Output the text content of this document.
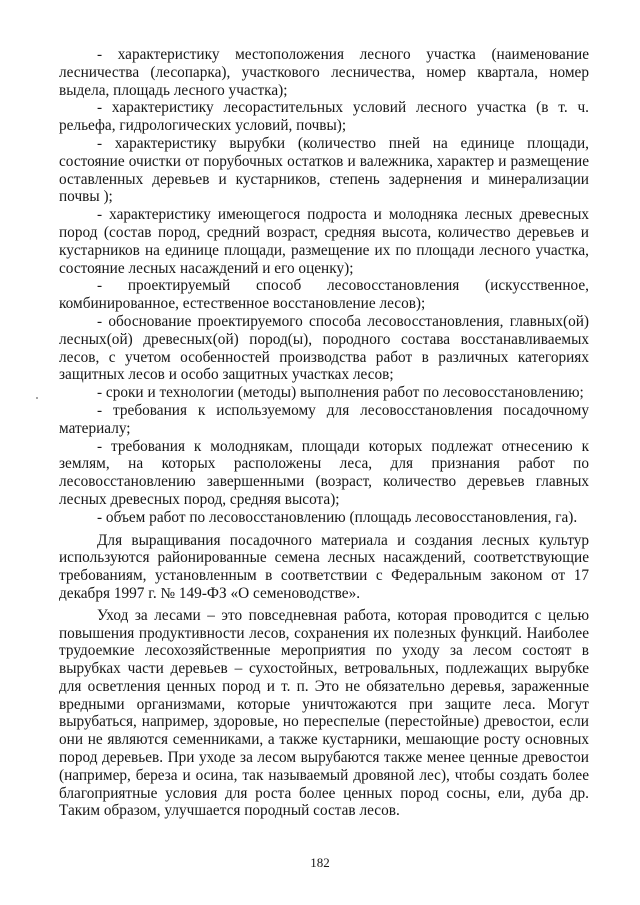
- характеристику местоположения лесного участка (наименование лесничества (лесопарка), участкового лесничества, номер квартала, номер выдела, площадь лесного участка);

- характеристику лесорастительных условий лесного участка (в т. ч. рельефа, гидрологических условий, почвы);

- характеристику вырубки (количество пней на единице площади, состояние очистки от порубочных остатков и валежника, характер и размещение оставленных деревьев и кустарников, степень задернения и минерализации почвы );

- характеристику имеющегося подроста и молодняка лесных древесных пород (состав пород, средний возраст, средняя высота, количество деревьев и кустарников на единице площади, размещение их по площади лесного участка, состояние лесных насаждений и его оценку);

- проектируемый способ лесовосстановления (искусственное, комбинированное, естественное восстановление лесов);

- обоснование проектируемого способа лесовосстановления, главных(ой) лесных(ой) древесных(ой) пород(ы), породного состава восстанавливаемых лесов, с учетом особенностей производства работ в различных категориях защитных лесов и особо защитных участках лесов;

- сроки и технологии (методы) выполнения работ по лесовосстановлению;

- требования к используемому для лесовосстановления посадочному материалу;

- требования к молоднякам, площади которых подлежат отнесению к землям, на которых расположены леса, для признания работ по лесовосстановлению завершенными (возраст, количество деревьев главных лесных древесных пород, средняя высота);

- объем работ по лесовосстановлению (площадь лесовосстановления, га).

Для выращивания посадочного материала и создания лесных культур используются районированные семена лесных насаждений, соответствующие требованиям, установленным в соответствии с Федеральным законом от 17 декабря 1997 г. № 149-ФЗ «О семеноводстве».

Уход за лесами – это повседневная работа, которая проводится с целью повышения продуктивности лесов, сохранения их полезных функций. Наиболее трудоемкие лесохозяйственные мероприятия по уходу за лесом состоят в вырубках части деревьев – сухостойных, ветровальных, подлежащих вырубке для осветления ценных пород и т. п. Это не обязательно деревья, зараженные вредными организмами, которые уничтожаются при защите леса. Могут вырубаться, например, здоровые, но переспелые (перестойные) древостои, если они не являются семенниками, а также кустарники, мешающие росту основных пород деревьев. При уходе за лесом вырубаются также менее ценные древостои (например, береза и осина, так называемый дровяной лес), чтобы создать более благоприятные условия для роста более ценных пород сосны, ели, дуба др. Таким образом, улучшается породный состав лесов.

182
